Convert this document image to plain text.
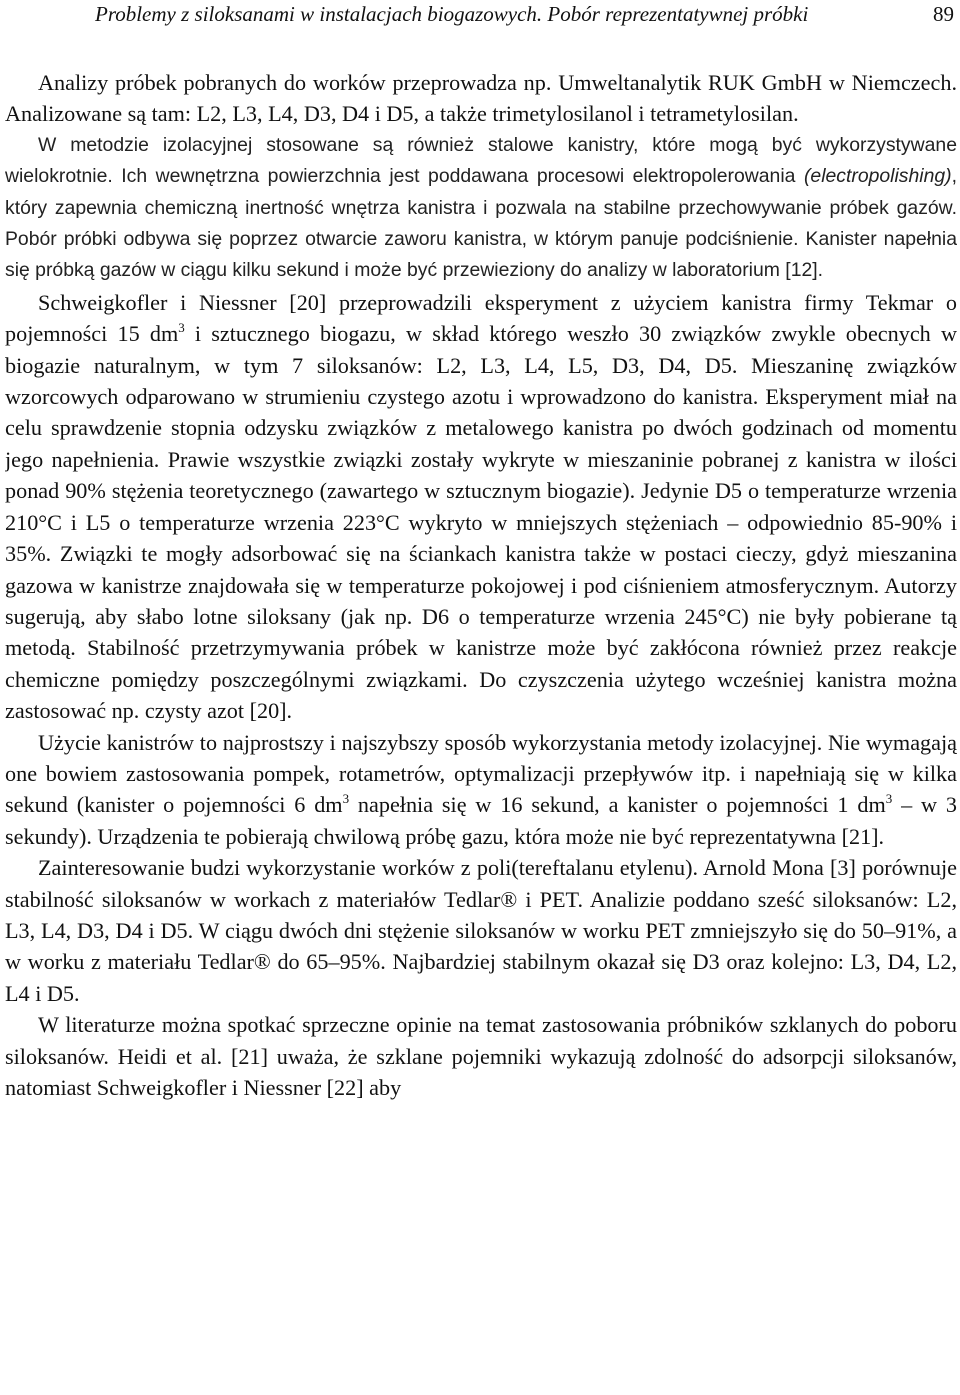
Problemy z siloksanami w instalacjach biogazowych. Pobór reprezentatywnej próbki	89

Analizy próbek pobranych do worków przeprowadza np. Umweltanalytik RUK GmbH w Niemczech. Analizowane są tam: L2, L3, L4, D3, D4 i D5, a także trimetylosilanol i tetrametylosilan.

W metodzie izolacyjnej stosowane są również stalowe kanistry, które mogą być wykorzystywane wielokrotnie. Ich wewnętrzna powierzchnia jest poddawana procesowi elektropolerowania (electropolishing), który zapewnia chemiczną inertność wnętrza kanistra i pozwala na stabilne przechowywanie próbek gazów. Pobór próbki odbywa się poprzez otwarcie zaworu kanistra, w którym panuje podciśnienie. Kanister napełnia się próbką gazów w ciągu kilku sekund i może być przewieziony do analizy w laboratorium [12].

Schweigkofler i Niessner [20] przeprowadzili eksperyment z użyciem kanistra firmy Tekmar o pojemności 15 $dm^3$ i sztucznego biogazu, w skład którego weszło 30 związków zwykle obecnych w biogazie naturalnym, w tym 7 siloksanów: L2, L3, L4, L5, D3, D4, D5. Mieszaninę związków wzorcowych odparowano w strumieniu czystego azotu i wprowadzono do kanistra. Eksperyment miał na celu sprawdzenie stopnia odzysku związków z metalowego kanistra po dwóch godzinach od momentu jego napełnienia. Prawie wszystkie związki zostały wykryte w mieszaninie pobranej z kanistra w ilości ponad 90% stężenia teoretycznego (zawartego w sztucznym biogazie). Jedynie D5 o temperaturze wrzenia 210°C i L5 o temperaturze wrzenia 223°C wykryto w mniejszych stężeniach – odpowiednio 85-90% i 35%. Związki te mogły adsorbować się na ściankach kanistra także w postaci cieczy, gdyż mieszanina gazowa w kanistrze znajdowała się w temperaturze pokojowej i pod ciśnieniem atmosferycznym. Autorzy sugerują, aby słabo lotne siloksany (jak np. D6 o temperaturze wrzenia 245°C) nie były pobierane tą metodą. Stabilność przetrzymywania próbek w kanistrze może być zakłócona również przez reakcje chemiczne pomiędzy poszczególnymi związkami. Do czyszczenia użytego wcześniej kanistra można zastosować np. czysty azot [20].

Użycie kanistrów to najprostszy i najszybszy sposób wykorzystania metody izolacyjnej. Nie wymagają one bowiem zastosowania pompek, rotametrów, optymalizacji przepływów itp. i napełniają się w kilka sekund (kanister o pojemności 6 $dm^3$ napełnia się w 16 sekund, a kanister o pojemności 1 $dm^3$ – w 3 sekundy). Urządzenia te pobierają chwilową próbę gazu, która może nie być reprezentatywna [21].

Zainteresowanie budzi wykorzystanie worków z poli(tereftalanu etylenu). Arnold Mona [3] porównuje stabilność siloksanów w workach z materiałów Tedlar® i PET. Analizie poddano sześć siloksanów: L2, L3, L4, D3, D4 i D5. W ciągu dwóch dni stężenie siloksanów w worku PET zmniejszyło się do 50–91%, a w worku z materiału Tedlar® do 65–95%. Najbardziej stabilnym okazał się D3 oraz kolejno: L3, D4, L2, L4 i D5.

W literaturze można spotkać sprzeczne opinie na temat zastosowania próbników szklanych do poboru siloksanów. Heidi et al. [21] uważa, że szklane pojemniki wykazują zdolność do adsorpcji siloksanów, natomiast Schweigkofler i Niessner [22] aby
